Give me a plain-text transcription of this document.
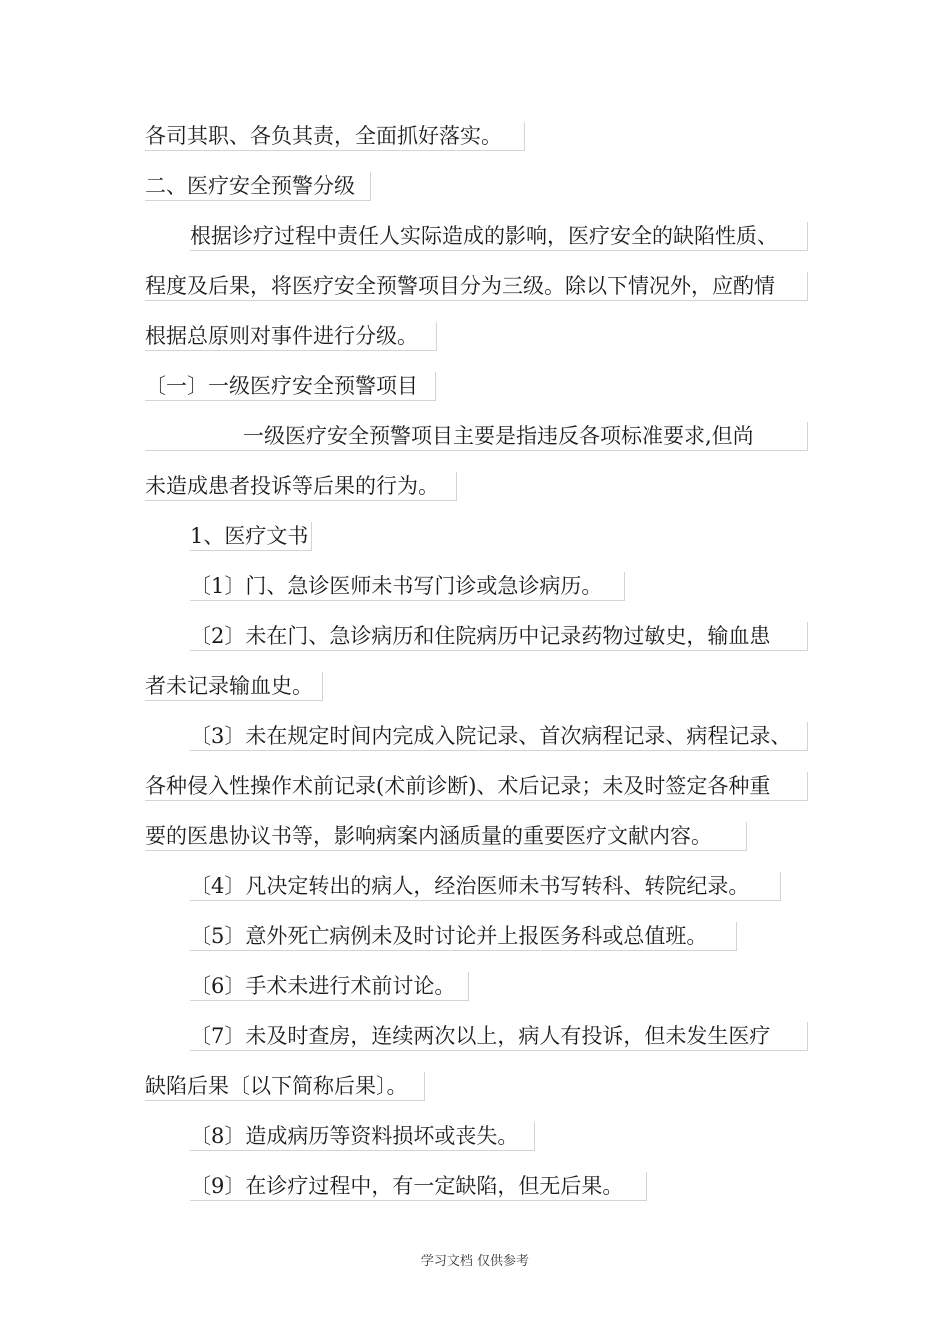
各司其职、各负其责，全面抓好落实。
二、医疗安全预警分级
根据诊疗过程中责任人实际造成的影响，医疗安全的缺陷性质、
程度及后果，将医疗安全预警项目分为三级。除以下情况外，应酌情
根据总原则对事件进行分级。
〔一〕一级医疗安全预警项目
一级医疗安全预警项目主要是指违反各项标准要求,但尚
未造成患者投诉等后果的行为。
1、医疗文书
〔1〕门、急诊医师未书写门诊或急诊病历。
〔2〕未在门、急诊病历和住院病历中记录药物过敏史，输血患
者未记录输血史。
〔3〕未在规定时间内完成入院记录、首次病程记录、病程记录、
各种侵入性操作术前记录(术前诊断)、术后记录；未及时签定各种重
要的医患协议书等，影响病案内涵质量的重要医疗文献内容。
〔4〕凡决定转出的病人，经治医师未书写转科、转院纪录。
〔5〕意外死亡病例未及时讨论并上报医务科或总值班。
〔6〕手术未进行术前讨论。
〔7〕未及时查房，连续两次以上，病人有投诉，但未发生医疗
缺陷后果〔以下简称后果〕。
〔8〕造成病历等资料损坏或丧失。
〔9〕在诊疗过程中，有一定缺陷，但无后果。
学习文档 仅供参考
